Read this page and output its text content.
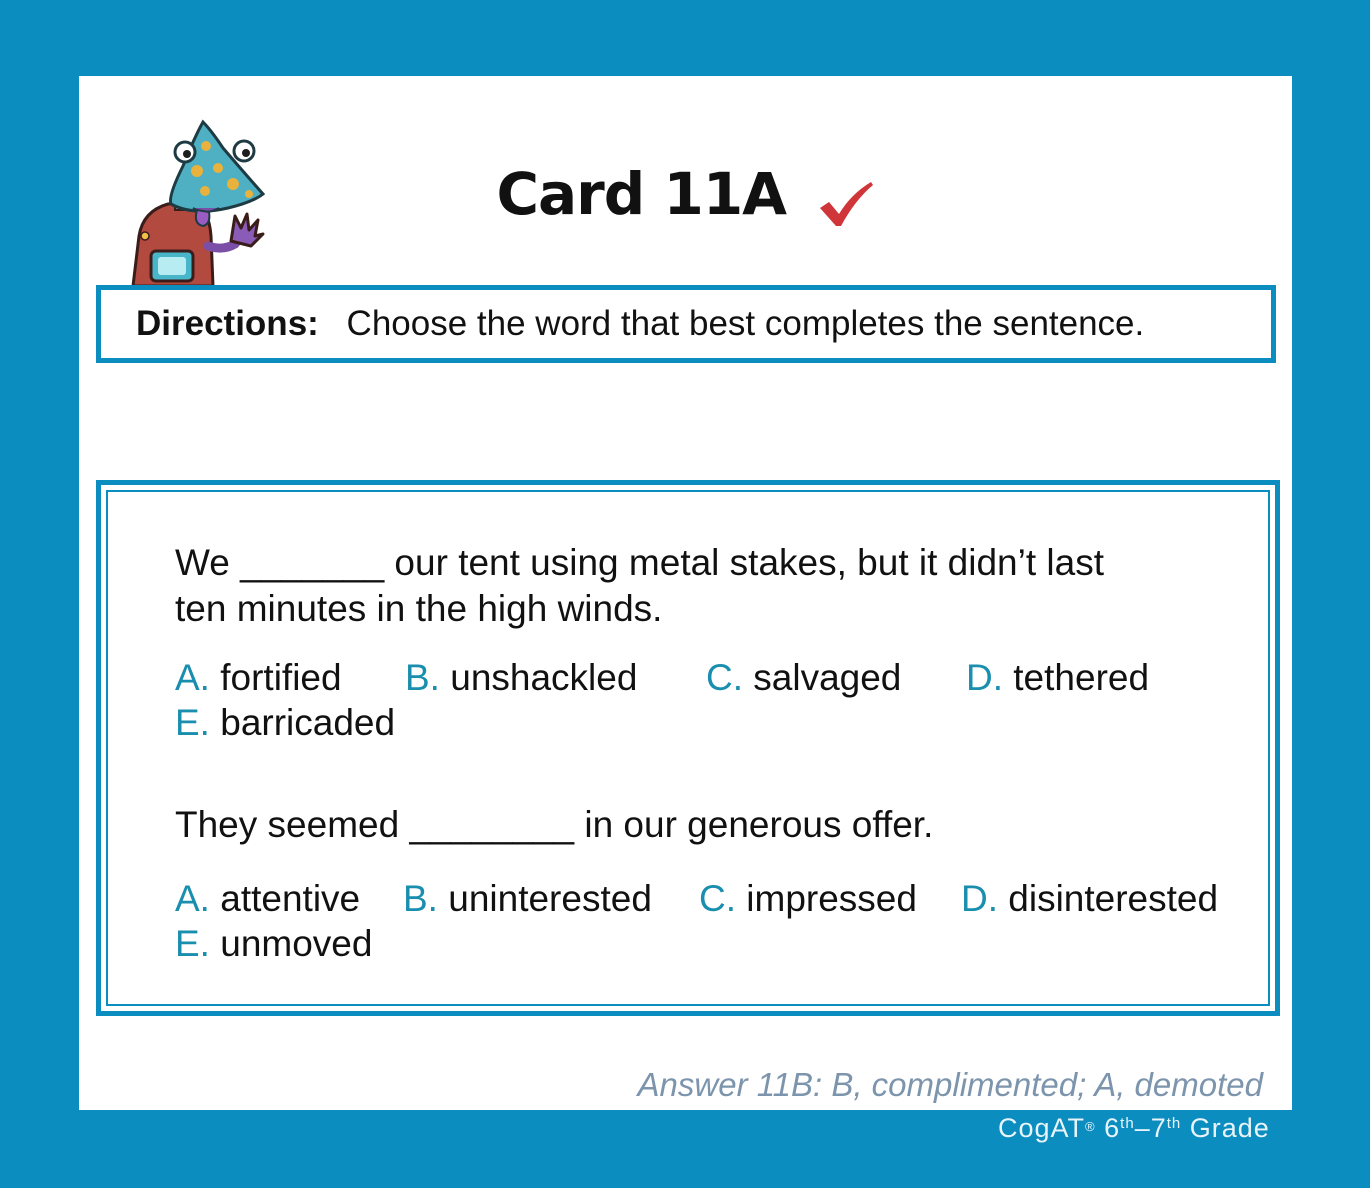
Card 11A
Directions: Choose the word that best completes the sentence.
We _______ our tent using metal stakes, but it didn’t last
ten minutes in the high winds.
A. fortified B. unshackled C. salvaged D. tethered
E. barricaded
They seemed ________ in our generous offer.
A. attentive B. uninterested C. impressed D. disinterested
E. unmoved
Answer 11B: B, complimented; A, demoted
CogAT® 6th–7th Grade
